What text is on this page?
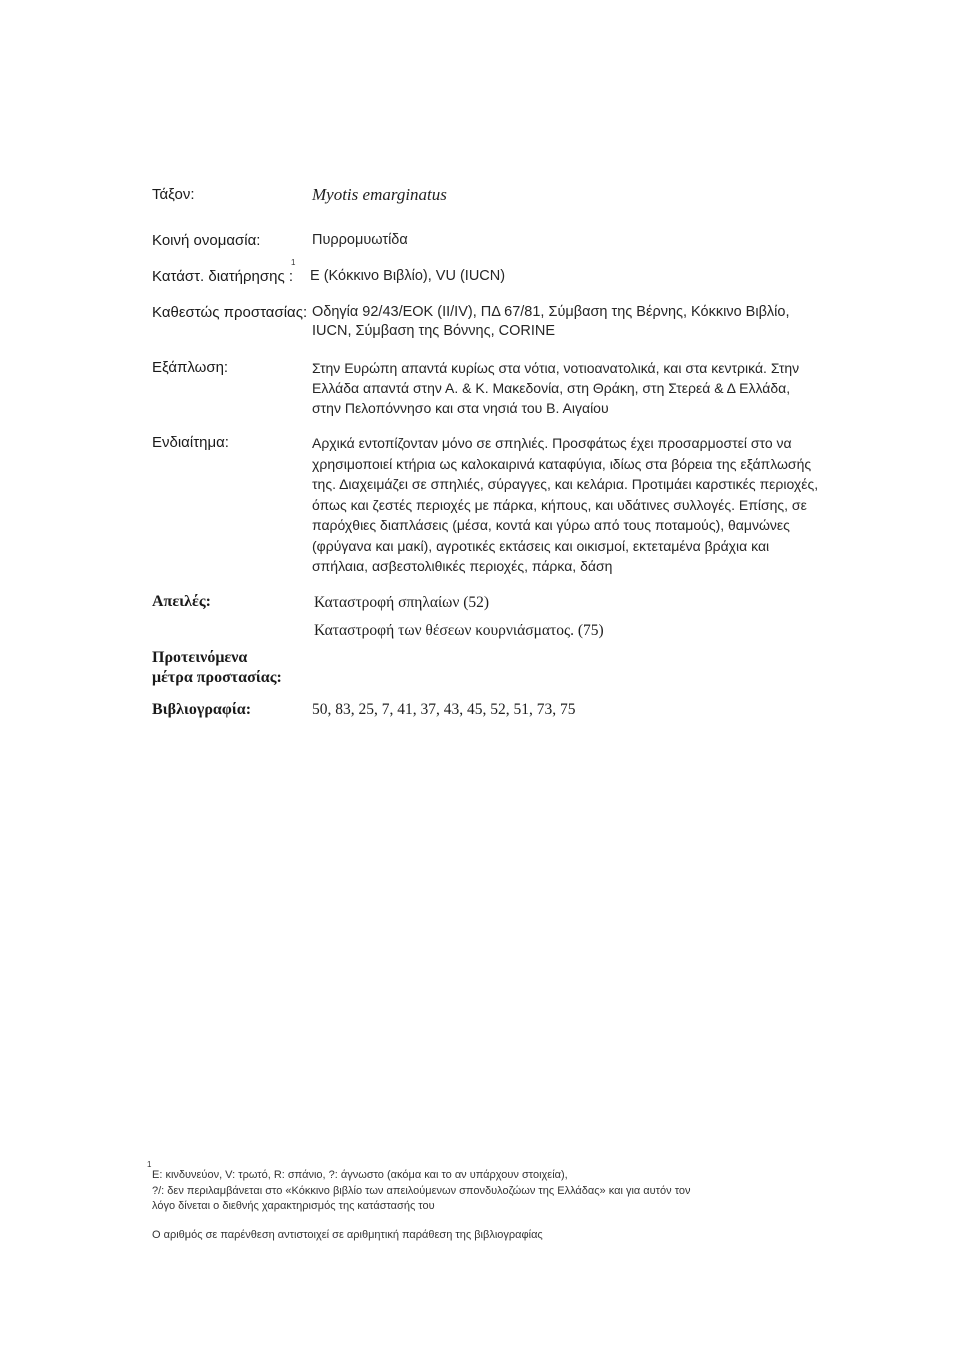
Τάξον:	Myotis emarginatus
Κοινή ονομασία:	Πυρρομυωτίδα
1
Κατάστ. διατήρησης : E (Κόκκινο Βιβλίο), VU (IUCN)
Καθεστώς προστασίας: Οδηγία 92/43/ΕΟΚ (II/IV), ΠΔ 67/81, Σύμβαση της Βέρνης, Κόκκινο Βιβλίο,
IUCN, Σύμβαση της Βόννης, CORINE
Εξάπλωση:	Στην Ευρώπη απαντά κυρίως στα νότια, νοτιοανατολικά, και στα κεντρικά. Στην
Ελλάδα απαντά στην Α. & Κ. Μακεδονία, στη Θράκη, στη Στερεά & Δ Ελλάδα,
στην Πελοπόννησο και στα νησιά του Β. Αιγαίου
Ενδιαίτημα:	Αρχικά εντοπίζονταν μόνο σε σπηλιές. Προσφάτως έχει προσαρμοστεί στο να
χρησιμοποιεί κτήρια ως καλοκαιρινά καταφύγια, ιδίως στα βόρεια της εξάπλωσής
της. Διαχειμάζει σε σπηλιές, σύραγγες, και κελάρια. Προτιμάει καρστικές περιοχές,
όπως και ζεστές περιοχές με πάρκα, κήπους, και υδάτινες συλλογές. Επίσης, σε
παρόχθιες διαπλάσεις (μέσα, κοντά και γύρω από τους ποταμούς), θαμνώνες
(φρύγανα και μακί), αγροτικές εκτάσεις και οικισμοί, εκτεταμένα βράχια και
σπήλαια, ασβεστολιθικές περιοχές, πάρκα, δάση
Απειλές:	Καταστροφή σπηλαίων (52)
Καταστροφή των θέσεων κουρνιάσματος. (75)
Προτεινόμενα
μέτρα προστασίας:
Βιβλιογραφία:	50, 83, 25, 7, 41, 37, 43, 45, 52, 51, 73, 75
1
E: κινδυνεύον, V: τρωτό, R: σπάνιο, ?: άγνωστο (ακόμα και το αν υπάρχουν στοιχεία),
?/: δεν περιλαμβάνεται στο «Κόκκινο βιβλίο των απειλούμενων σπονδυλοζώων της Ελλάδας» και για αυτόν τον
λόγο δίνεται ο διεθνής χαρακτηρισμός της κατάστασής του
Ο αριθμός σε παρένθεση αντιστοιχεί σε αριθμητική παράθεση της βιβλιογραφίας
